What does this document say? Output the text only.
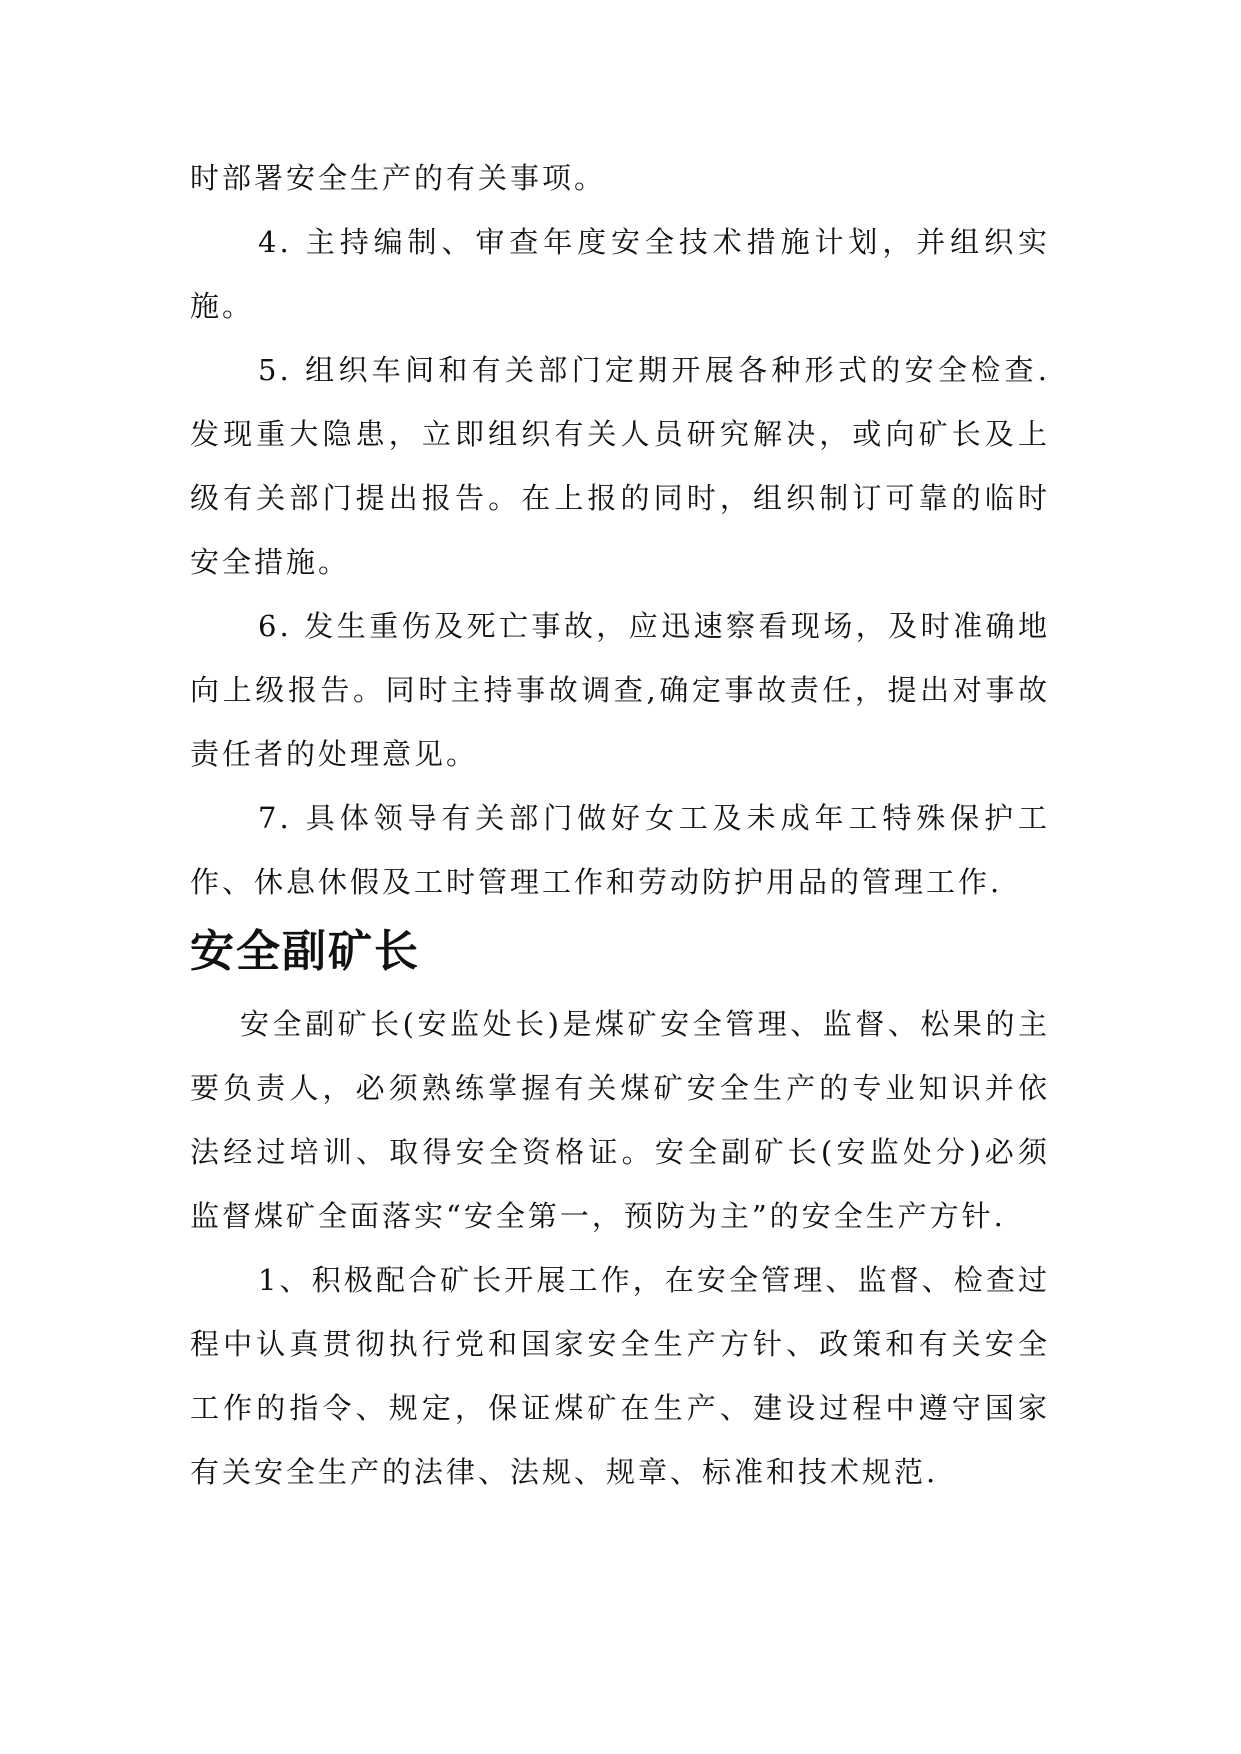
时部署安全生产的有关事项。

4. 主持编制、审查年度安全技术措施计划，并组织实施。

5. 组织车间和有关部门定期开展各种形式的安全检查.发现重大隐患，立即组织有关人员研究解决，或向矿长及上级有关部门提出报告。在上报的同时，组织制订可靠的临时安全措施。

6. 发生重伤及死亡事故，应迅速察看现场，及时准确地向上级报告。同时主持事故调查,确定事故责任，提出对事故责任者的处理意见。

7. 具体领导有关部门做好女工及未成年工特殊保护工作、休息休假及工时管理工作和劳动防护用品的管理工作.

安全副矿长

安全副矿长(安监处长)是煤矿安全管理、监督、松果的主要负责人，必须熟练掌握有关煤矿安全生产的专业知识并依法经过培训、取得安全资格证。安全副矿长(安监处分)必须监督煤矿全面落实“安全第一，预防为主”的安全生产方针.

1、积极配合矿长开展工作，在安全管理、监督、检查过程中认真贯彻执行党和国家安全生产方针、政策和有关安全工作的指令、规定，保证煤矿在生产、建设过程中遵守国家有关安全生产的法律、法规、规章、标准和技术规范.
